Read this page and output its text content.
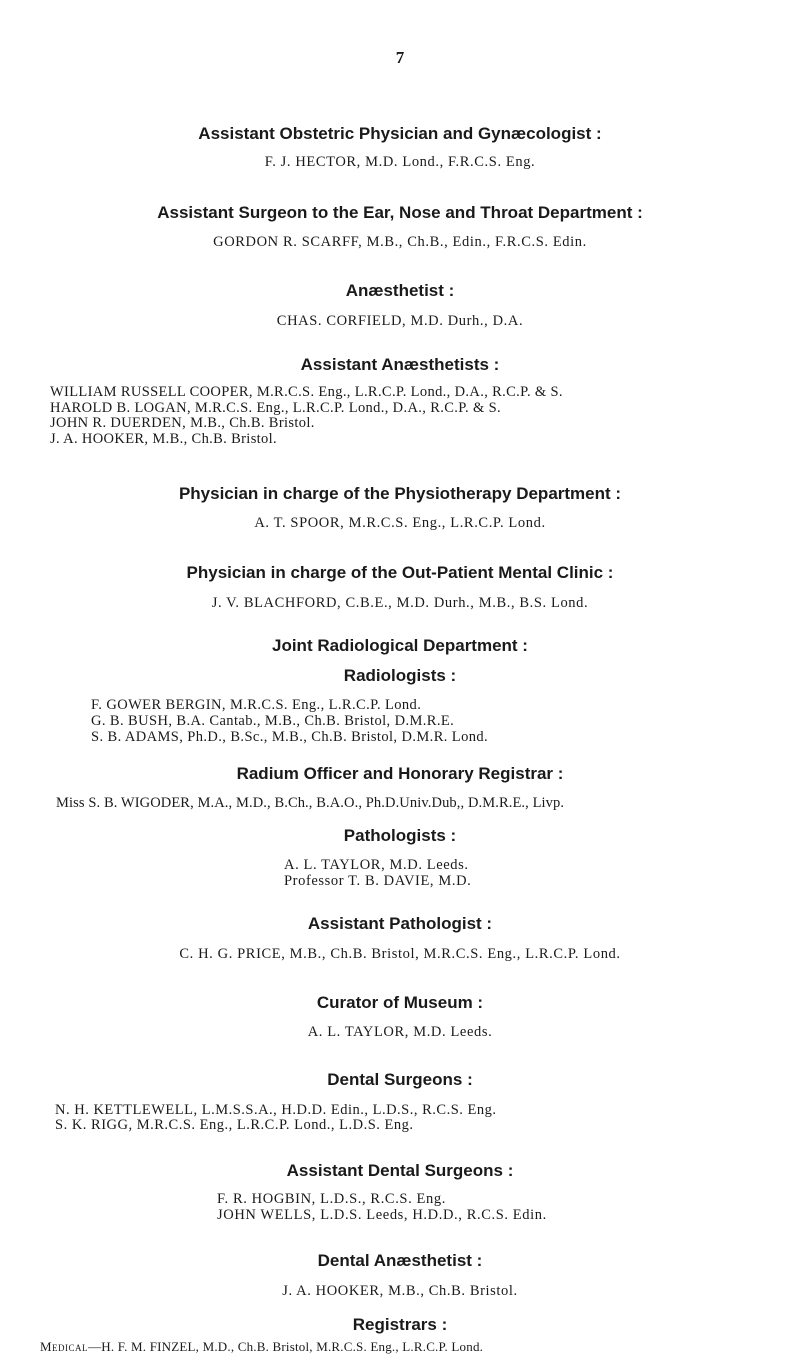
7
Assistant Obstetric Physician and Gynæcologist :
F. J. HECTOR, M.D. Lond., F.R.C.S. Eng.
Assistant Surgeon to the Ear, Nose and Throat Department :
GORDON R. SCARFF, M.B., Ch.B., Edin., F.R.C.S. Edin.
Anæsthetist :
CHAS. CORFIELD, M.D. Durh., D.A.
Assistant Anæsthetists :
WILLIAM RUSSELL COOPER, M.R.C.S. Eng., L.R.C.P. Lond., D.A., R.C.P. & S.
HAROLD B. LOGAN, M.R.C.S. Eng., L.R.C.P. Lond., D.A., R.C.P. & S.
JOHN R. DUERDEN, M.B., Ch.B. Bristol.
J. A. HOOKER, M.B., Ch.B. Bristol.
Physician in charge of the Physiotherapy Department :
A. T. SPOOR, M.R.C.S. Eng., L.R.C.P. Lond.
Physician in charge of the Out-Patient Mental Clinic :
J. V. BLACHFORD, C.B.E., M.D. Durh., M.B., B.S. Lond.
Joint Radiological Department :
Radiologists :
F. GOWER BERGIN, M.R.C.S. Eng., L.R.C.P. Lond.
G. B. BUSH, B.A. Cantab., M.B., Ch.B. Bristol, D.M.R.E.
S. B. ADAMS, Ph.D., B.Sc., M.B., Ch.B. Bristol, D.M.R. Lond.
Radium Officer and Honorary Registrar :
Miss S. B. WIGODER, M.A., M.D., B.Ch., B.A.O., Ph.D.Univ.Dub,, D.M.R.E., Livp.
Pathologists :
A. L. TAYLOR, M.D. Leeds.
Professor T. B. DAVIE, M.D.
Assistant Pathologist :
C. H. G. PRICE, M.B., Ch.B. Bristol, M.R.C.S. Eng., L.R.C.P. Lond.
Curator of Museum :
A. L. TAYLOR, M.D. Leeds.
Dental Surgeons :
N. H. KETTLEWELL, L.M.S.S.A., H.D.D. Edin., L.D.S., R.C.S. Eng.
S. K. RIGG, M.R.C.S. Eng., L.R.C.P. Lond., L.D.S. Eng.
Assistant Dental Surgeons :
F. R. HOGBIN, L.D.S., R.C.S. Eng.
JOHN WELLS, L.D.S. Leeds, H.D.D., R.C.S. Edin.
Dental Anæsthetist :
J. A. HOOKER, M.B., Ch.B. Bristol.
Registrars :
Medical—H. F. M. FINZEL, M.D., Ch.B. Bristol, M.R.C.S. Eng., L.R.C.P. Lond.
